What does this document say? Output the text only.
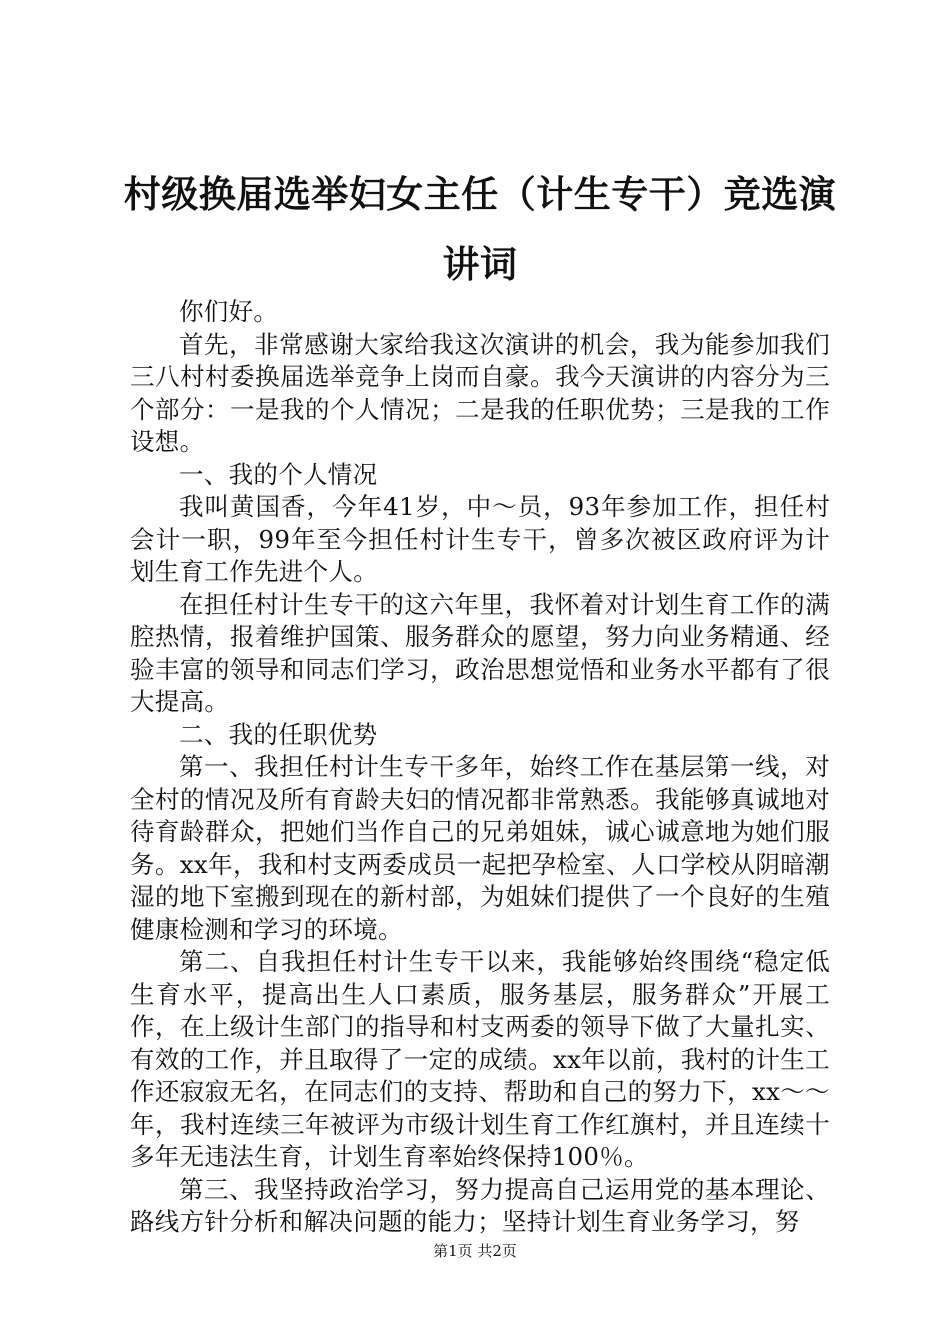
村级换届选举妇女主任（计生专干）竞选演讲词

你们好。

首先，非常感谢大家给我这次演讲的机会，我为能参加我们三八村村委换届选举竞争上岗而自豪。我今天演讲的内容分为三个部分：一是我的个人情况；二是我的任职优势；三是我的工作设想。

一、我的个人情况

我叫黄国香，今年41岁，中～员，93年参加工作，担任村会计一职，99年至今担任村计生专干，曾多次被区政府评为计划生育工作先进个人。

在担任村计生专干的这六年里，我怀着对计划生育工作的满腔热情，报着维护国策、服务群众的愿望，努力向业务精通、经验丰富的领导和同志们学习，政治思想觉悟和业务水平都有了很大提高。

二、我的任职优势

第一、我担任村计生专干多年，始终工作在基层第一线，对全村的情况及所有育龄夫妇的情况都非常熟悉。我能够真诚地对待育龄群众，把她们当作自己的兄弟姐妹，诚心诚意地为她们服务。xx年，我和村支两委成员一起把孕检室、人口学校从阴暗潮湿的地下室搬到现在的新村部，为姐妹们提供了一个良好的生殖健康检测和学习的环境。

第二、自我担任村计生专干以来，我能够始终围绕“稳定低生育水平，提高出生人口素质，服务基层，服务群众”开展工作，在上级计生部门的指导和村支两委的领导下做了大量扎实、有效的工作，并且取得了一定的成绩。xx年以前，我村的计生工作还寂寂无名，在同志们的支持、帮助和自己的努力下，xx～～年，我村连续三年被评为市级计划生育工作红旗村，并且连续十多年无违法生育，计划生育率始终保持100％。

第三、我坚持政治学习，努力提高自己运用党的基本理论、路线方针分析和解决问题的能力；坚持计划生育业务学习，努

第1页 共2页
